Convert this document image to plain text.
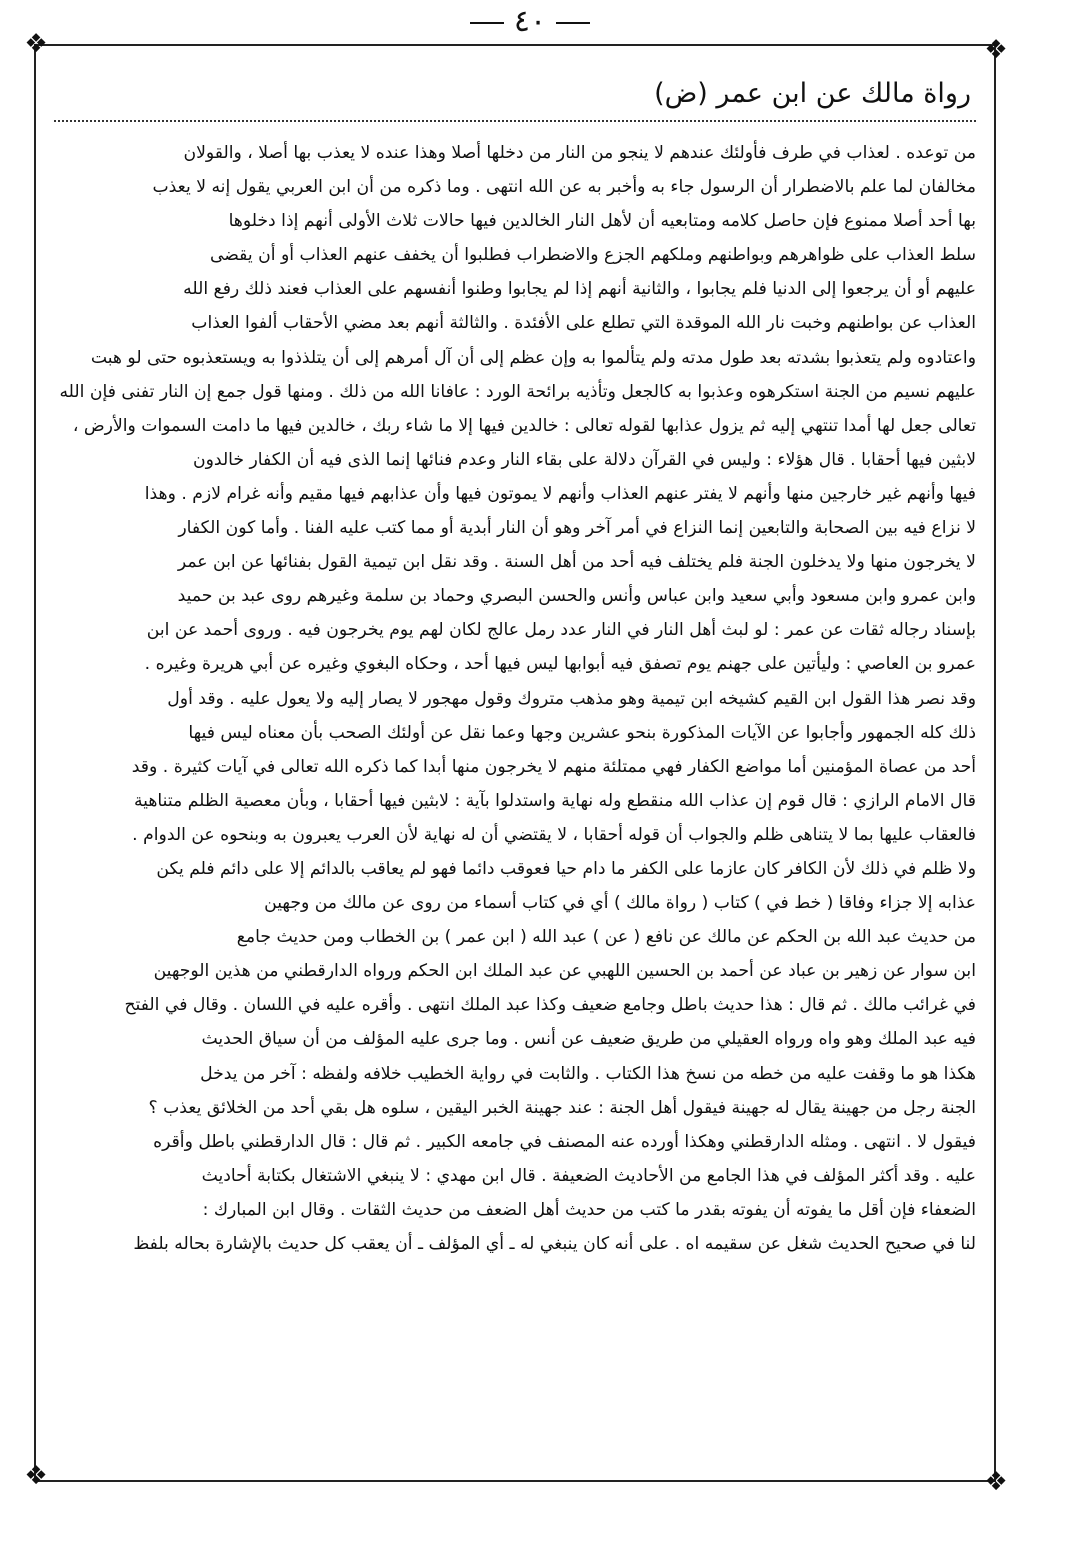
٤٠
❖	❖
❖	❖
رواة مالك عن ابن عمر (ض)
من توعده . لعذاب في طرف فأولئك عندهم لا ينجو من النار من دخلها أصلا وهذا عنده لا يعذب بها أصلا ، والقولان
مخالفان لما علم بالاضطرار أن الرسول جاء به وأخبر به عن الله انتهى . وما ذكره من أن ابن العربي يقول إنه لا يعذب
بها أحد أصلا ممنوع فإن حاصل كلامه ومتابعيه أن لأهل النار الخالدين فيها حالات ثلاث الأولى أنهم إذا دخلوها
سلط العذاب على ظواهرهم وبواطنهم وملكهم الجزع والاضطراب فطلبوا أن يخفف عنهم العذاب أو أن يقضى
عليهم أو أن يرجعوا إلى الدنيا فلم يجابوا ، والثانية أنهم إذا لم يجابوا وطنوا أنفسهم على العذاب فعند ذلك رفع الله
العذاب عن بواطنهم وخبت نار الله الموقدة التي تطلع على الأفئدة . والثالثة أنهم بعد مضي الأحقاب ألفوا العذاب
واعتادوه ولم يتعذبوا بشدته بعد طول مدته ولم يتألموا به وإن عظم إلى أن آل أمرهم إلى أن يتلذذوا به ويستعذبوه حتى لو هبت
عليهم نسيم من الجنة استكرهوه وعذبوا به كالجعل وتأذيه برائحة الورد : عافانا الله من ذلك . ومنها قول جمع إن النار تفنى فإن الله
تعالى جعل لها أمدا تنتهي إليه ثم يزول عذابها لقوله تعالى : خالدين فيها إلا ما شاء ربك ، خالدين فيها ما دامت السموات والأرض ،
لابثين فيها أحقابا . قال هؤلاء : وليس في القرآن دلالة على بقاء النار وعدم فنائها إنما الذى فيه أن الكفار خالدون
فيها وأنهم غير خارجين منها وأنهم لا يفتر عنهم العذاب وأنهم لا يموتون فيها وأن عذابهم فيها مقيم وأنه غرام لازم . وهذا
لا نزاع فيه بين الصحابة والتابعين إنما النزاع في أمر آخر وهو أن النار أبدية أو مما كتب عليه الفنا . وأما كون الكفار
لا يخرجون منها ولا يدخلون الجنة فلم يختلف فيه أحد من أهل السنة . وقد نقل ابن تيمية القول بفنائها عن ابن عمر
وابن عمرو وابن مسعود وأبي سعيد وابن عباس وأنس والحسن البصري وحماد بن سلمة وغيرهم روى عبد بن حميد
بإسناد رجاله ثقات عن عمر : لو لبث أهل النار في النار عدد رمل عالج لكان لهم يوم يخرجون فيه . وروى أحمد عن ابن
عمرو بن العاصي : وليأتين على جهنم يوم تصفق فيه أبوابها ليس فيها أحد ، وحكاه البغوي وغيره عن أبي هريرة وغيره .
وقد نصر هذا القول ابن القيم كشيخه ابن تيمية وهو مذهب متروك وقول مهجور لا يصار إليه ولا يعول عليه . وقد أول
ذلك كله الجمهور وأجابوا عن الآيات المذكورة بنحو عشرين وجها وعما نقل عن أولئك الصحب بأن معناه ليس فيها
أحد من عصاة المؤمنين أما مواضع الكفار فهي ممتلئة منهم لا يخرجون منها أبدا كما ذكره الله تعالى في آيات كثيرة . وقد
قال الامام الرازي : قال قوم إن عذاب الله منقطع وله نهاية واستدلوا بآية : لابثين فيها أحقابا ، وبأن معصية الظلم متناهية
فالعقاب عليها بما لا يتناهى ظلم والجواب أن قوله أحقابا ، لا يقتضي أن له نهاية لأن العرب يعبرون به وبنحوه عن الدوام .
ولا ظلم في ذلك لأن الكافر كان عازما على الكفر ما دام حيا فعوقب دائما فهو لم يعاقب بالدائم إلا على دائم فلم يكن
عذابه إلا جزاء وفاقا ( خط في ) كتاب ( رواة مالك ) أي في كتاب أسماء من روى عن مالك من وجهين
من حديث عبد الله بن الحكم عن مالك عن نافع ( عن ) عبد الله ( ابن عمر ) بن الخطاب ومن حديث جامع
ابن سوار عن زهير بن عباد عن أحمد بن الحسين اللهبي عن عبد الملك ابن الحكم ورواه الدارقطني من هذين الوجهين
في غرائب مالك . ثم قال : هذا حديث باطل وجامع ضعيف وكذا عبد الملك انتهى . وأقره عليه في اللسان . وقال في الفتح
فيه عبد الملك وهو واه ورواه العقيلي من طريق ضعيف عن أنس . وما جرى عليه المؤلف من أن سياق الحديث
هكذا هو ما وقفت عليه من خطه من نسخ هذا الكتاب . والثابت في رواية الخطيب خلافه ولفظه : آخر من يدخل
الجنة رجل من جهينة يقال له جهينة فيقول أهل الجنة : عند جهينة الخبر اليقين ، سلوه هل بقي أحد من الخلائق يعذب ؟
فيقول لا . انتهى . ومثله الدارقطني وهكذا أورده عنه المصنف في جامعه الكبير . ثم قال : قال الدارقطني باطل وأقره
عليه . وقد أكثر المؤلف في هذا الجامع من الأحاديث الضعيفة . قال ابن مهدي : لا ينبغي الاشتغال بكتابة أحاديث
الضعفاء فإن أقل ما يفوته أن يفوته بقدر ما كتب من حديث أهل الضعف من حديث الثقات . وقال ابن المبارك :
لنا في صحيح الحديث شغل عن سقيمه اه . على أنه كان ينبغي له ـ أي المؤلف ـ أن يعقب كل حديث بالإشارة بحاله بلفظ
